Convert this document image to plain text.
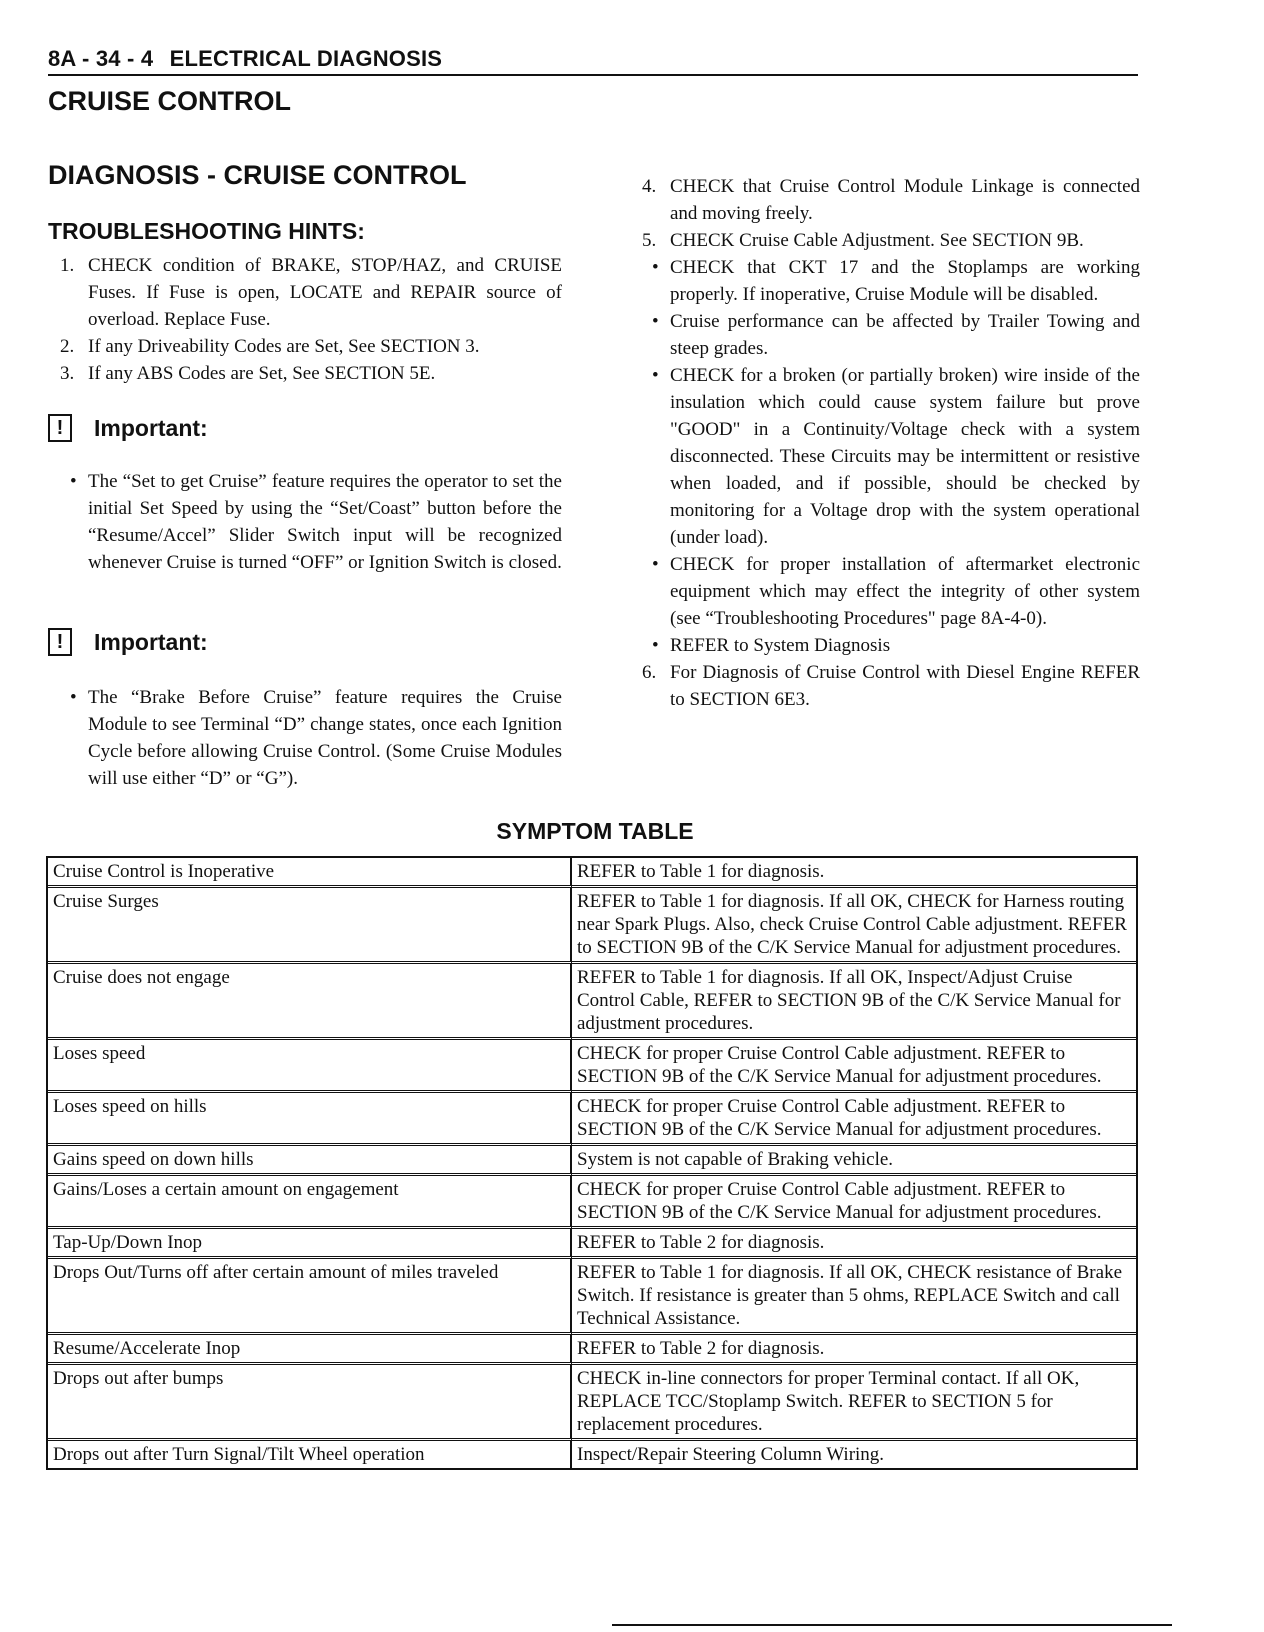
8A - 34 - 4 ELECTRICAL DIAGNOSIS
CRUISE CONTROL
DIAGNOSIS - CRUISE CONTROL
TROUBLESHOOTING HINTS:
1. CHECK condition of BRAKE, STOP/HAZ, and CRUISE Fuses. If Fuse is open, LOCATE and REPAIR source of overload. Replace Fuse.
2. If any Driveability Codes are Set, See SECTION 3.
3. If any ABS Codes are Set, See SECTION 5E.
!	Important:
• The “Set to get Cruise” feature requires the operator to set the initial Set Speed by using the “Set/Coast” button before the “Resume/Accel” Slider Switch input will be recognized whenever Cruise is turned “OFF” or Ignition Switch is closed.
!	Important:
• The “Brake Before Cruise” feature requires the Cruise Module to see Terminal “D” change states, once each Ignition Cycle before allowing Cruise Control. (Some Cruise Modules will use either “D” or “G”).
4. CHECK that Cruise Control Module Linkage is connected and moving freely.
5. CHECK Cruise Cable Adjustment. See SECTION 9B.
• CHECK that CKT 17 and the Stoplamps are working properly. If inoperative, Cruise Module will be disabled.
• Cruise performance can be affected by Trailer Towing and steep grades.
• CHECK for a broken (or partially broken) wire inside of the insulation which could cause system failure but prove "GOOD" in a Continuity/Voltage check with a system disconnected. These Circuits may be intermittent or resistive when loaded, and if possible, should be checked by monitoring for a Voltage drop with the system operational (under load).
• CHECK for proper installation of aftermarket electronic equipment which may effect the integrity of other system (see “Troubleshooting Procedures" page 8A-4-0).
• REFER to System Diagnosis
6. For Diagnosis of Cruise Control with Diesel Engine REFER to SECTION 6E3.
SYMPTOM TABLE
Cruise Control is Inoperative	REFER to Table 1 for diagnosis.
Cruise Surges	REFER to Table 1 for diagnosis. If all OK, CHECK for Harness routing near Spark Plugs. Also, check Cruise Control Cable adjustment. REFER to SECTION 9B of the C/K Service Manual for adjustment procedures.
Cruise does not engage	REFER to Table 1 for diagnosis. If all OK, Inspect/Adjust Cruise Control Cable, REFER to SECTION 9B of the C/K Service Manual for adjustment procedures.
Loses speed	CHECK for proper Cruise Control Cable adjustment. REFER to SECTION 9B of the C/K Service Manual for adjustment procedures.
Loses speed on hills	CHECK for proper Cruise Control Cable adjustment. REFER to SECTION 9B of the C/K Service Manual for adjustment procedures.
Gains speed on down hills	System is not capable of Braking vehicle.
Gains/Loses a certain amount on engagement	CHECK for proper Cruise Control Cable adjustment. REFER to SECTION 9B of the C/K Service Manual for adjustment procedures.
Tap-Up/Down Inop	REFER to Table 2 for diagnosis.
Drops Out/Turns off after certain amount of miles traveled	REFER to Table 1 for diagnosis. If all OK, CHECK resistance of Brake Switch. If resistance is greater than 5 ohms, REPLACE Switch and call Technical Assistance.
Resume/Accelerate Inop	REFER to Table 2 for diagnosis.
Drops out after bumps	CHECK in-line connectors for proper Terminal contact. If all OK, REPLACE TCC/Stoplamp Switch. REFER to SECTION 5 for replacement procedures.
Drops out after Turn Signal/Tilt Wheel operation	Inspect/Repair Steering Column Wiring.
